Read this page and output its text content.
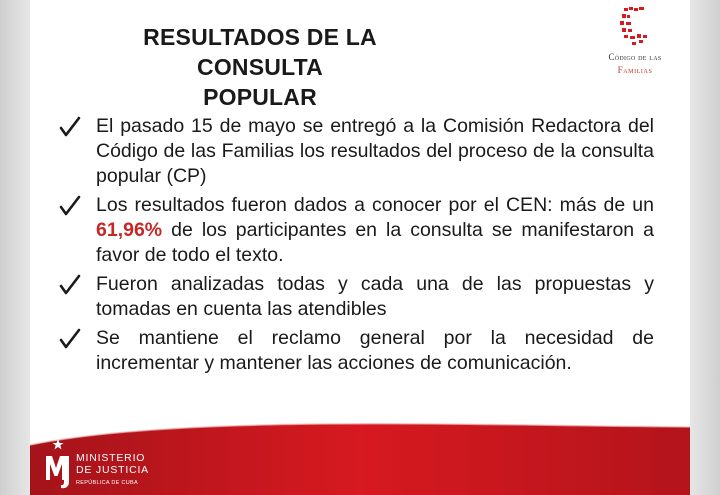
RESULTADOS DE LA CONSULTA
POPULAR
Código de las
Familias
El pasado 15 de mayo se entregó a la Comisión Redactora del Código de las Familias los resultados del proceso de la consulta popular (CP)
Los resultados fueron dados a conocer por el CEN: más de un 61,96% de los participantes en la consulta se manifestaron a favor de todo el texto.
Fueron analizadas todas y cada una de las propuestas y tomadas en cuenta las atendibles
Se mantiene el reclamo general por la necesidad de incrementar y mantener las acciones de comunicación.
MINISTERIO
DE JUSTICIA
REPÚBLICA DE CUBA
